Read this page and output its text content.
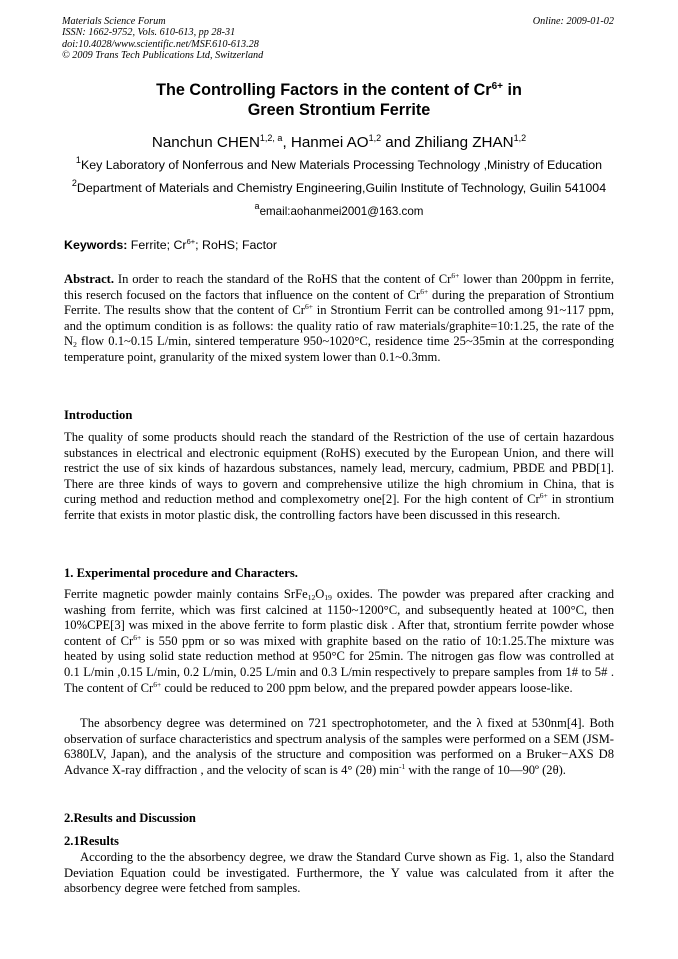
Materials Science Forum
ISSN: 1662-9752, Vols. 610-613, pp 28-31
doi:10.4028/www.scientific.net/MSF.610-613.28
© 2009 Trans Tech Publications Ltd, Switzerland
Online: 2009-01-02
The Controlling Factors in the content of $Cr^{6+}$ in
Green Strontium Ferrite
Nanchun CHEN$^{1,2, a}$, Hanmei AO$^{1,2}$ and Zhiliang ZHAN$^{1,2}$
$^1$Key Laboratory of Nonferrous and New Materials Processing Technology ,Ministry of Education
$^2$Department of Materials and Chemistry Engineering,Guilin Institute of Technology, Guilin 541004
$^a$email:aohanmei2001@163.com
Keywords: Ferrite; $Cr^{6+}$; RoHS; Factor
Abstract. In order to reach the standard of the RoHS that the content of $Cr^{6+}$ lower than 200ppm in ferrite, this reserch focused on the factors that influence on the content of $Cr^{6+}$ during the preparation of Strontium Ferrite. The results show that the content of $Cr^{6+}$ in Strontium Ferrit can be controlled among 91~117 ppm, and the optimum condition is as follows: the quality ratio of raw materials/graphite=10:1.25, the rate of the $N_2$ flow 0.1~0.15 L/min, sintered temperature 950~1020°C, residence time 25~35min at the corresponding temperature point, granularity of the mixed system lower than 0.1~0.3mm.
Introduction
The quality of some products should reach the standard of the Restriction of the use of certain hazardous substances in electrical and electronic equipment (RoHS) executed by the European Union, and there will restrict the use of six kinds of hazardous substances, namely lead, mercury, cadmium, PBDE and PBD[1]. There are three kinds of ways to govern and comprehensive utilize the high chromium in China, that is curing method and reduction method and complexometry one[2]. For the high content of $Cr^{6+}$ in strontium ferrite that exists in motor plastic disk, the controlling factors have been discussed in this research.
1. Experimental procedure and Characters.
Ferrite magnetic powder mainly contains $SrFe_{12}O_{19}$ oxides. The powder was prepared after cracking and washing from ferrite, which was first calcined at 1150~1200°C, and subsequently heated at 100°C, then 10%CPE[3] was mixed in the above ferrite to form plastic disk . After that, strontium ferrite powder whose content of $Cr^{6+}$ is 550 ppm or so was mixed with graphite based on the ratio of 10:1.25.The mixture was heated by using solid state reduction method at 950°C for 25min. The nitrogen gas flow was controlled at 0.1 L/min ,0.15 L/min, 0.2 L/min, 0.25 L/min and 0.3 L/min respectively to prepare samples from 1# to 5# . The content of $Cr^{6+}$ could be reduced to 200 ppm below, and the prepared powder appears loose-like.
The absorbency degree was determined on 721 spectrophotometer, and the λ fixed at 530nm[4]. Both observation of surface characteristics and spectrum analysis of the samples were performed on a SEM (JSM-6380LV, Japan), and the analysis of the structure and composition was performed on a Bruker−AXS D8 Advance X-ray diffraction , and the velocity of scan is 4° (2θ) $\min^{-1}$ with the range of 10—90º (2θ).
2.Results and Discussion
2.1Results
According to the the absorbency degree, we draw the Standard Curve shown as Fig. 1, also the Standard Deviation Equation could be investigated. Furthermore, the Y value was calculated from it after the absorbency degree were fetched from samples.
